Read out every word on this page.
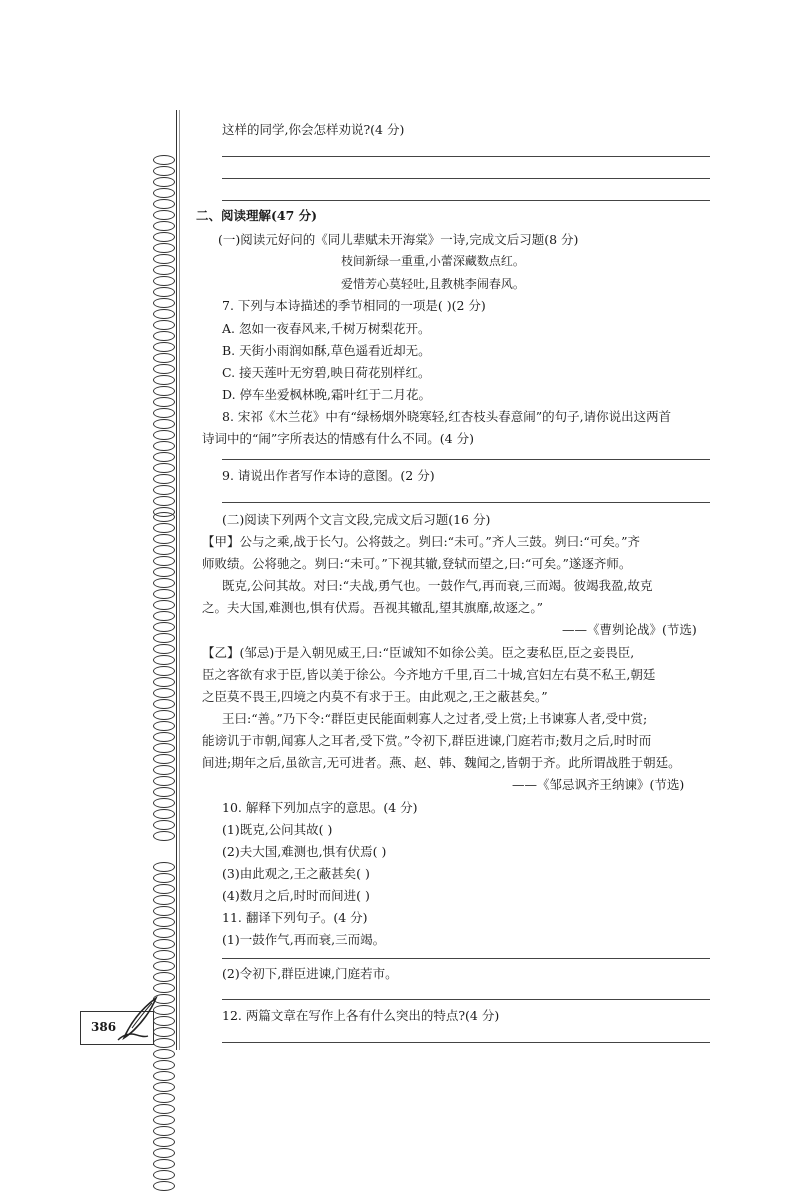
这样的同学,你会怎样劝说?(4 分)
二、阅读理解(47 分)
(一)阅读元好问的《同儿辈赋未开海棠》一诗,完成文后习题(8 分)
枝间新绿一重重,小蕾深藏数点红。
爱惜芳心莫轻吐,且教桃李闹春风。
7. 下列与本诗描述的季节相同的一项是( )(2 分)
A. 忽如一夜春风来,千树万树梨花开。
B. 天街小雨润如酥,草色遥看近却无。
C. 接天莲叶无穷碧,映日荷花别样红。
D. 停车坐爱枫林晚,霜叶红于二月花。
8. 宋祁《木兰花》中有“绿杨烟外晓寒轻,红杏枝头春意闹”的句子,请你说出这两首
诗词中的“闹”字所表达的情感有什么不同。(4 分)
9. 请说出作者写作本诗的意图。(2 分)
(二)阅读下列两个文言文段,完成文后习题(16 分)
【甲】公与之乘,战于长勺。公将鼓之。刿曰:“未可。”齐人三鼓。刿曰:“可矣。”齐
师败绩。公将驰之。刿曰:“未可。”下视其辙,登轼而望之,曰:“可矣。”遂逐齐师。
既克,公问其故。对曰:“夫战,勇气也。一鼓作气,再而衰,三而竭。彼竭我盈,故克
之。夫大国,难测也,惧有伏焉。吾视其辙乱,望其旗靡,故逐之。”
——《曹刿论战》(节选)
【乙】(邹忌)于是入朝见威王,曰:“臣诚知不如徐公美。臣之妻私臣,臣之妾畏臣,
臣之客欲有求于臣,皆以美于徐公。今齐地方千里,百二十城,宫妇左右莫不私王,朝廷
之臣莫不畏王,四境之内莫不有求于王。由此观之,王之蔽甚矣。”
王曰:“善。”乃下令:“群臣吏民能面刺寡人之过者,受上赏;上书谏寡人者,受中赏;
能谤讥于市朝,闻寡人之耳者,受下赏。”令初下,群臣进谏,门庭若市;数月之后,时时而
间进;期年之后,虽欲言,无可进者。燕、赵、韩、魏闻之,皆朝于齐。此所谓战胜于朝廷。
——《邹忌讽齐王纳谏》(节选)
10. 解释下列加点字的意思。(4 分)
(1)既克,公问其故( )
(2)夫大国,难测也,惧有伏焉( )
(3)由此观之,王之蔽甚矣( )
(4)数月之后,时时而间进( )
11. 翻译下列句子。(4 分)
(1)一鼓作气,再而衰,三而竭。
(2)令初下,群臣进谏,门庭若市。
12. 两篇文章在写作上各有什么突出的特点?(4 分)
386
